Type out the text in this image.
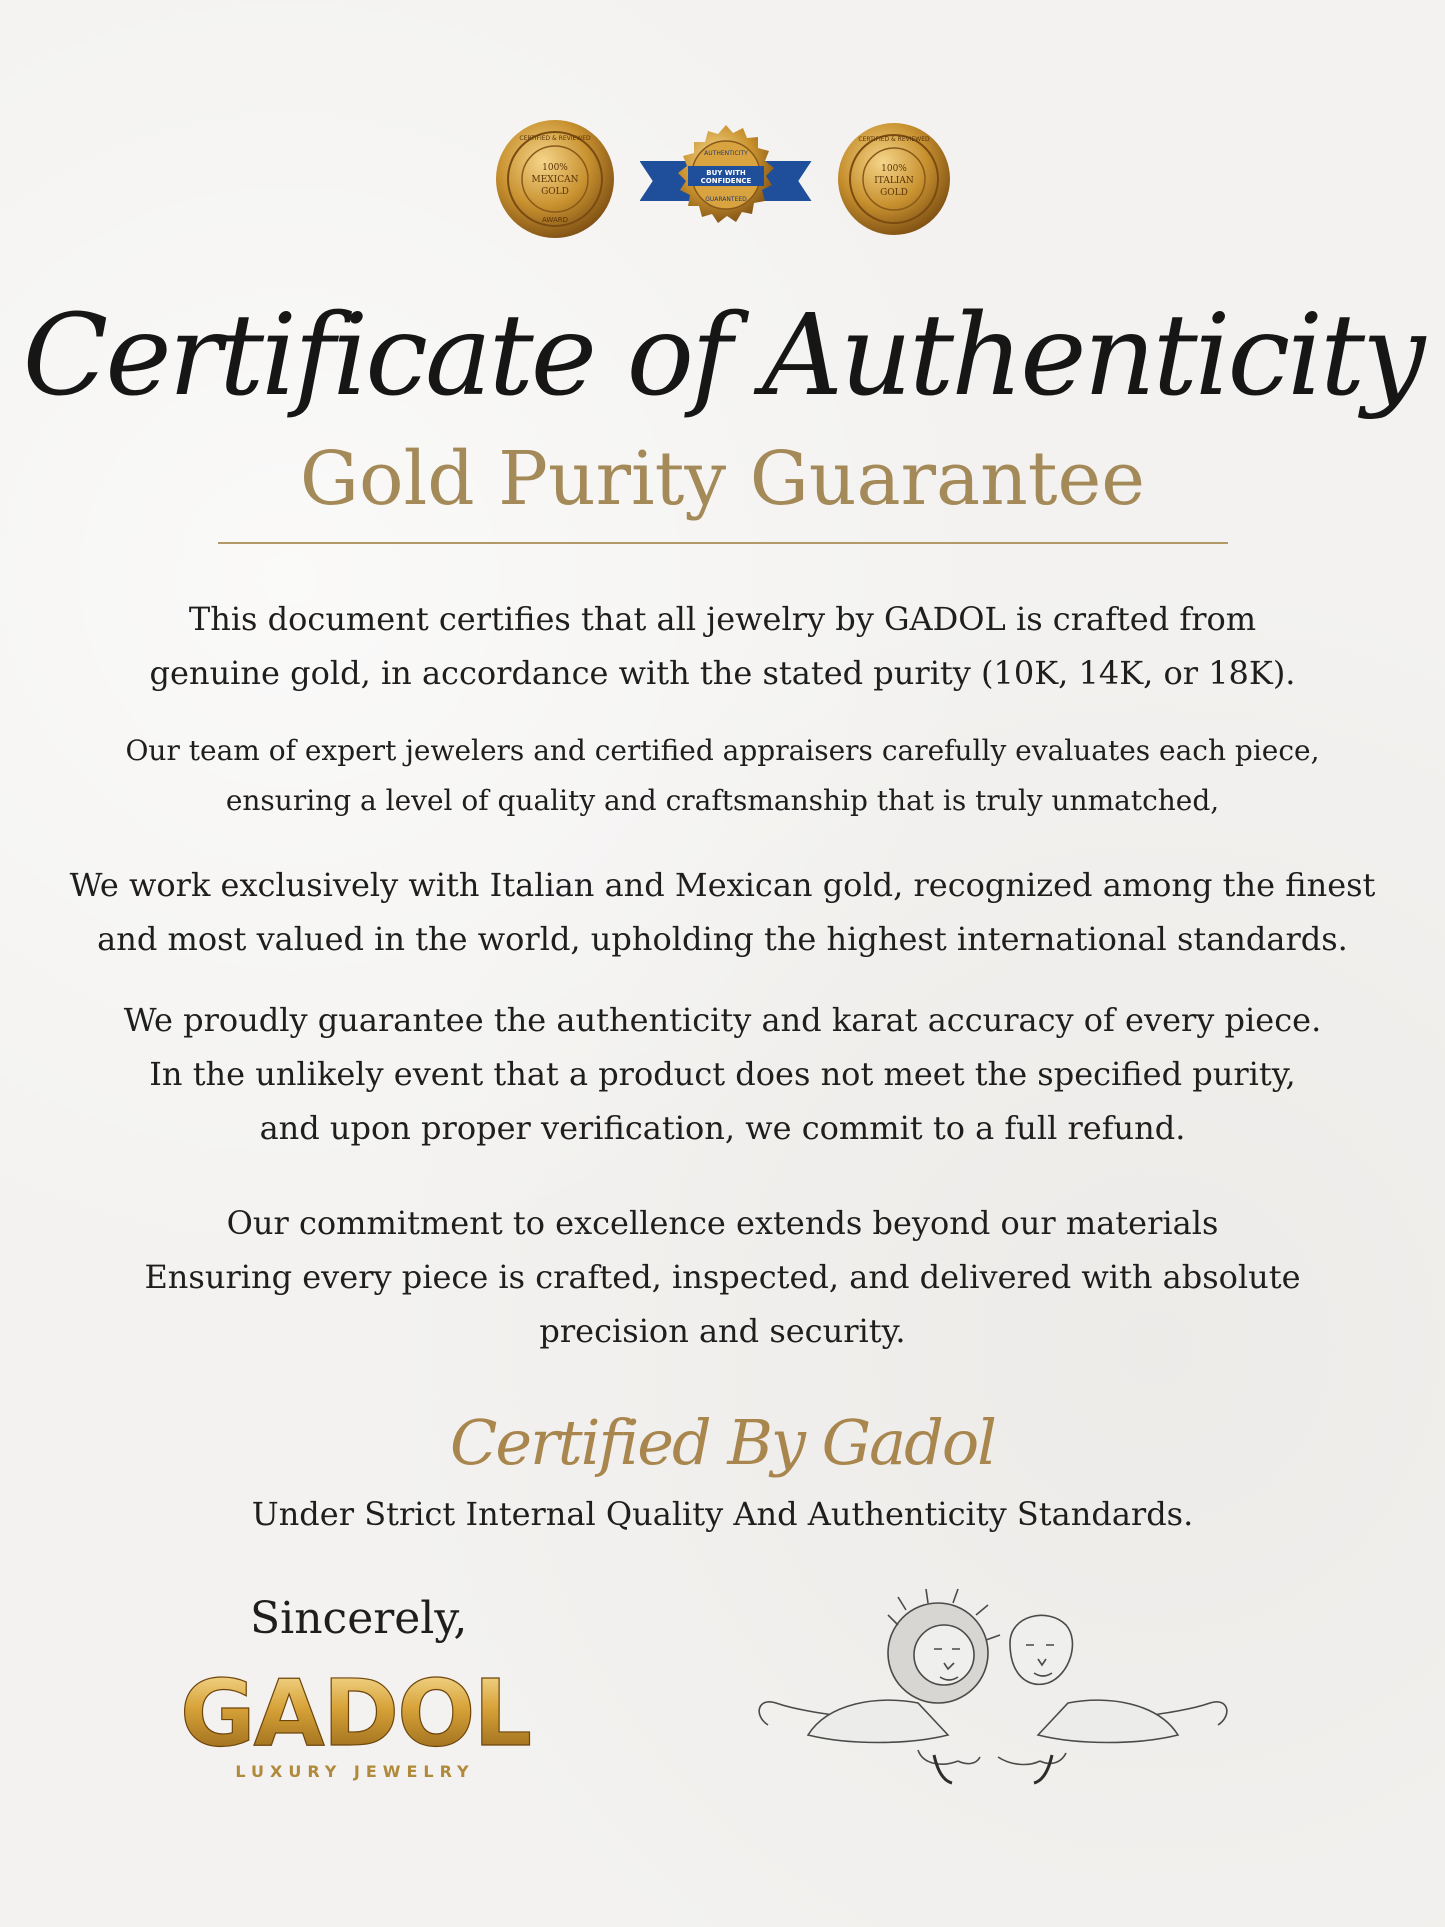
100%
MEXICAN
GOLD
CERTIFIED & REVIEWED
AWARD
BUY WITH
CONFIDENCE
AUTHENTICITY
GUARANTEED
100%
ITALIAN
GOLD
CERTIFIED & REVIEWED
Certificate of Authenticity
Gold Purity Guarantee
This document certifies that all jewelry by GADOL is crafted from
genuine gold, in accordance with the stated purity (10K, 14K, or 18K).
Our team of expert jewelers and certified appraisers carefully evaluates each piece,
ensuring a level of quality and craftsmanship that is truly unmatched,
We work exclusively with Italian and Mexican gold, recognized among the finest
and most valued in the world, upholding the highest international standards.
We proudly guarantee the authenticity and karat accuracy of every piece.
In the unlikely event that a product does not meet the specified purity,
and upon proper verification, we commit to a full refund.
Our commitment to excellence extends beyond our materials
Ensuring every piece is crafted, inspected, and delivered with absolute
precision and security.
Certified By Gadol
Under Strict Internal Quality And Authenticity Standards.
Sincerely,
GADOL
LUXURY JEWELRY
